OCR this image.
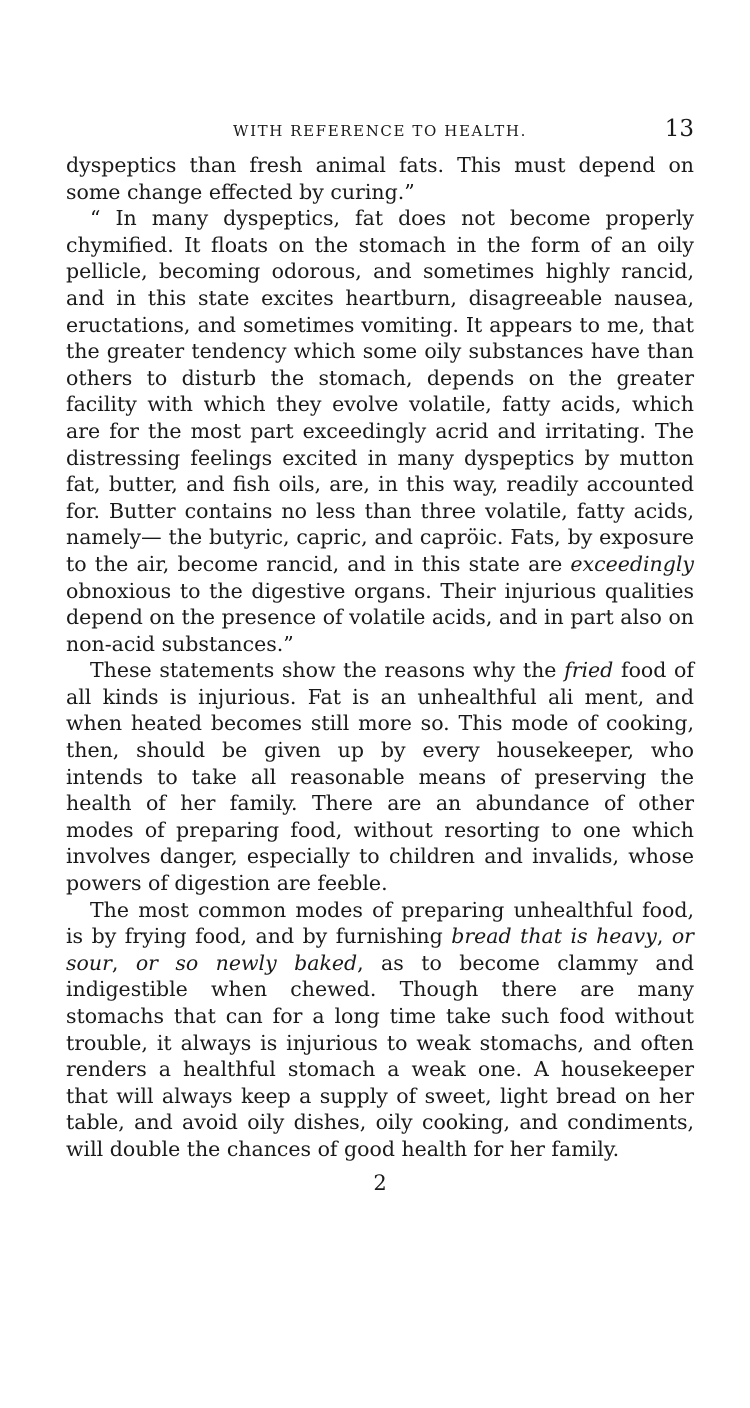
WITH REFERENCE TO HEALTH.	13

dyspeptics than fresh animal fats. This must depend on some change effected by curing.”

“ In many dyspeptics, fat does not become properly chymified. It floats on the stomach in the form of an oily pellicle, becoming odorous, and sometimes highly rancid, and in this state excites heartburn, disagreeable nausea, eructations, and sometimes vomiting. It appears to me, that the greater tendency which some oily substances have than others to disturb the stomach, depends on the greater facility with which they evolve volatile, fatty acids, which are for the most part exceedingly acrid and irritating. The distressing feelings excited in many dyspeptics by mutton fat, butter, and fish oils, are, in this way, readily accounted for. Butter contains no less than three volatile, fatty acids, namely— the butyric, capric, and capröic. Fats, by exposure to the air, become rancid, and in this state are exceedingly obnoxious to the digestive organs. Their injurious qualities depend on the presence of volatile acids, and in part also on non-acid substances.”

These statements show the reasons why the fried food of all kinds is injurious. Fat is an unhealthful ali ment, and when heated becomes still more so. This mode of cooking, then, should be given up by every housekeeper, who intends to take all reasonable means of preserving the health of her family. There are an abundance of other modes of preparing food, without resorting to one which involves danger, especially to children and invalids, whose powers of digestion are feeble.

The most common modes of preparing unhealthful food, is by frying food, and by furnishing bread that is heavy, or sour, or so newly baked, as to become clammy and indigestible when chewed. Though there are many stomachs that can for a long time take such food without trouble, it always is injurious to weak stomachs, and often renders a healthful stomach a weak one. A housekeeper that will always keep a supply of sweet, light bread on her table, and avoid oily dishes, oily cooking, and condiments, will double the chances of good health for her family.

2
